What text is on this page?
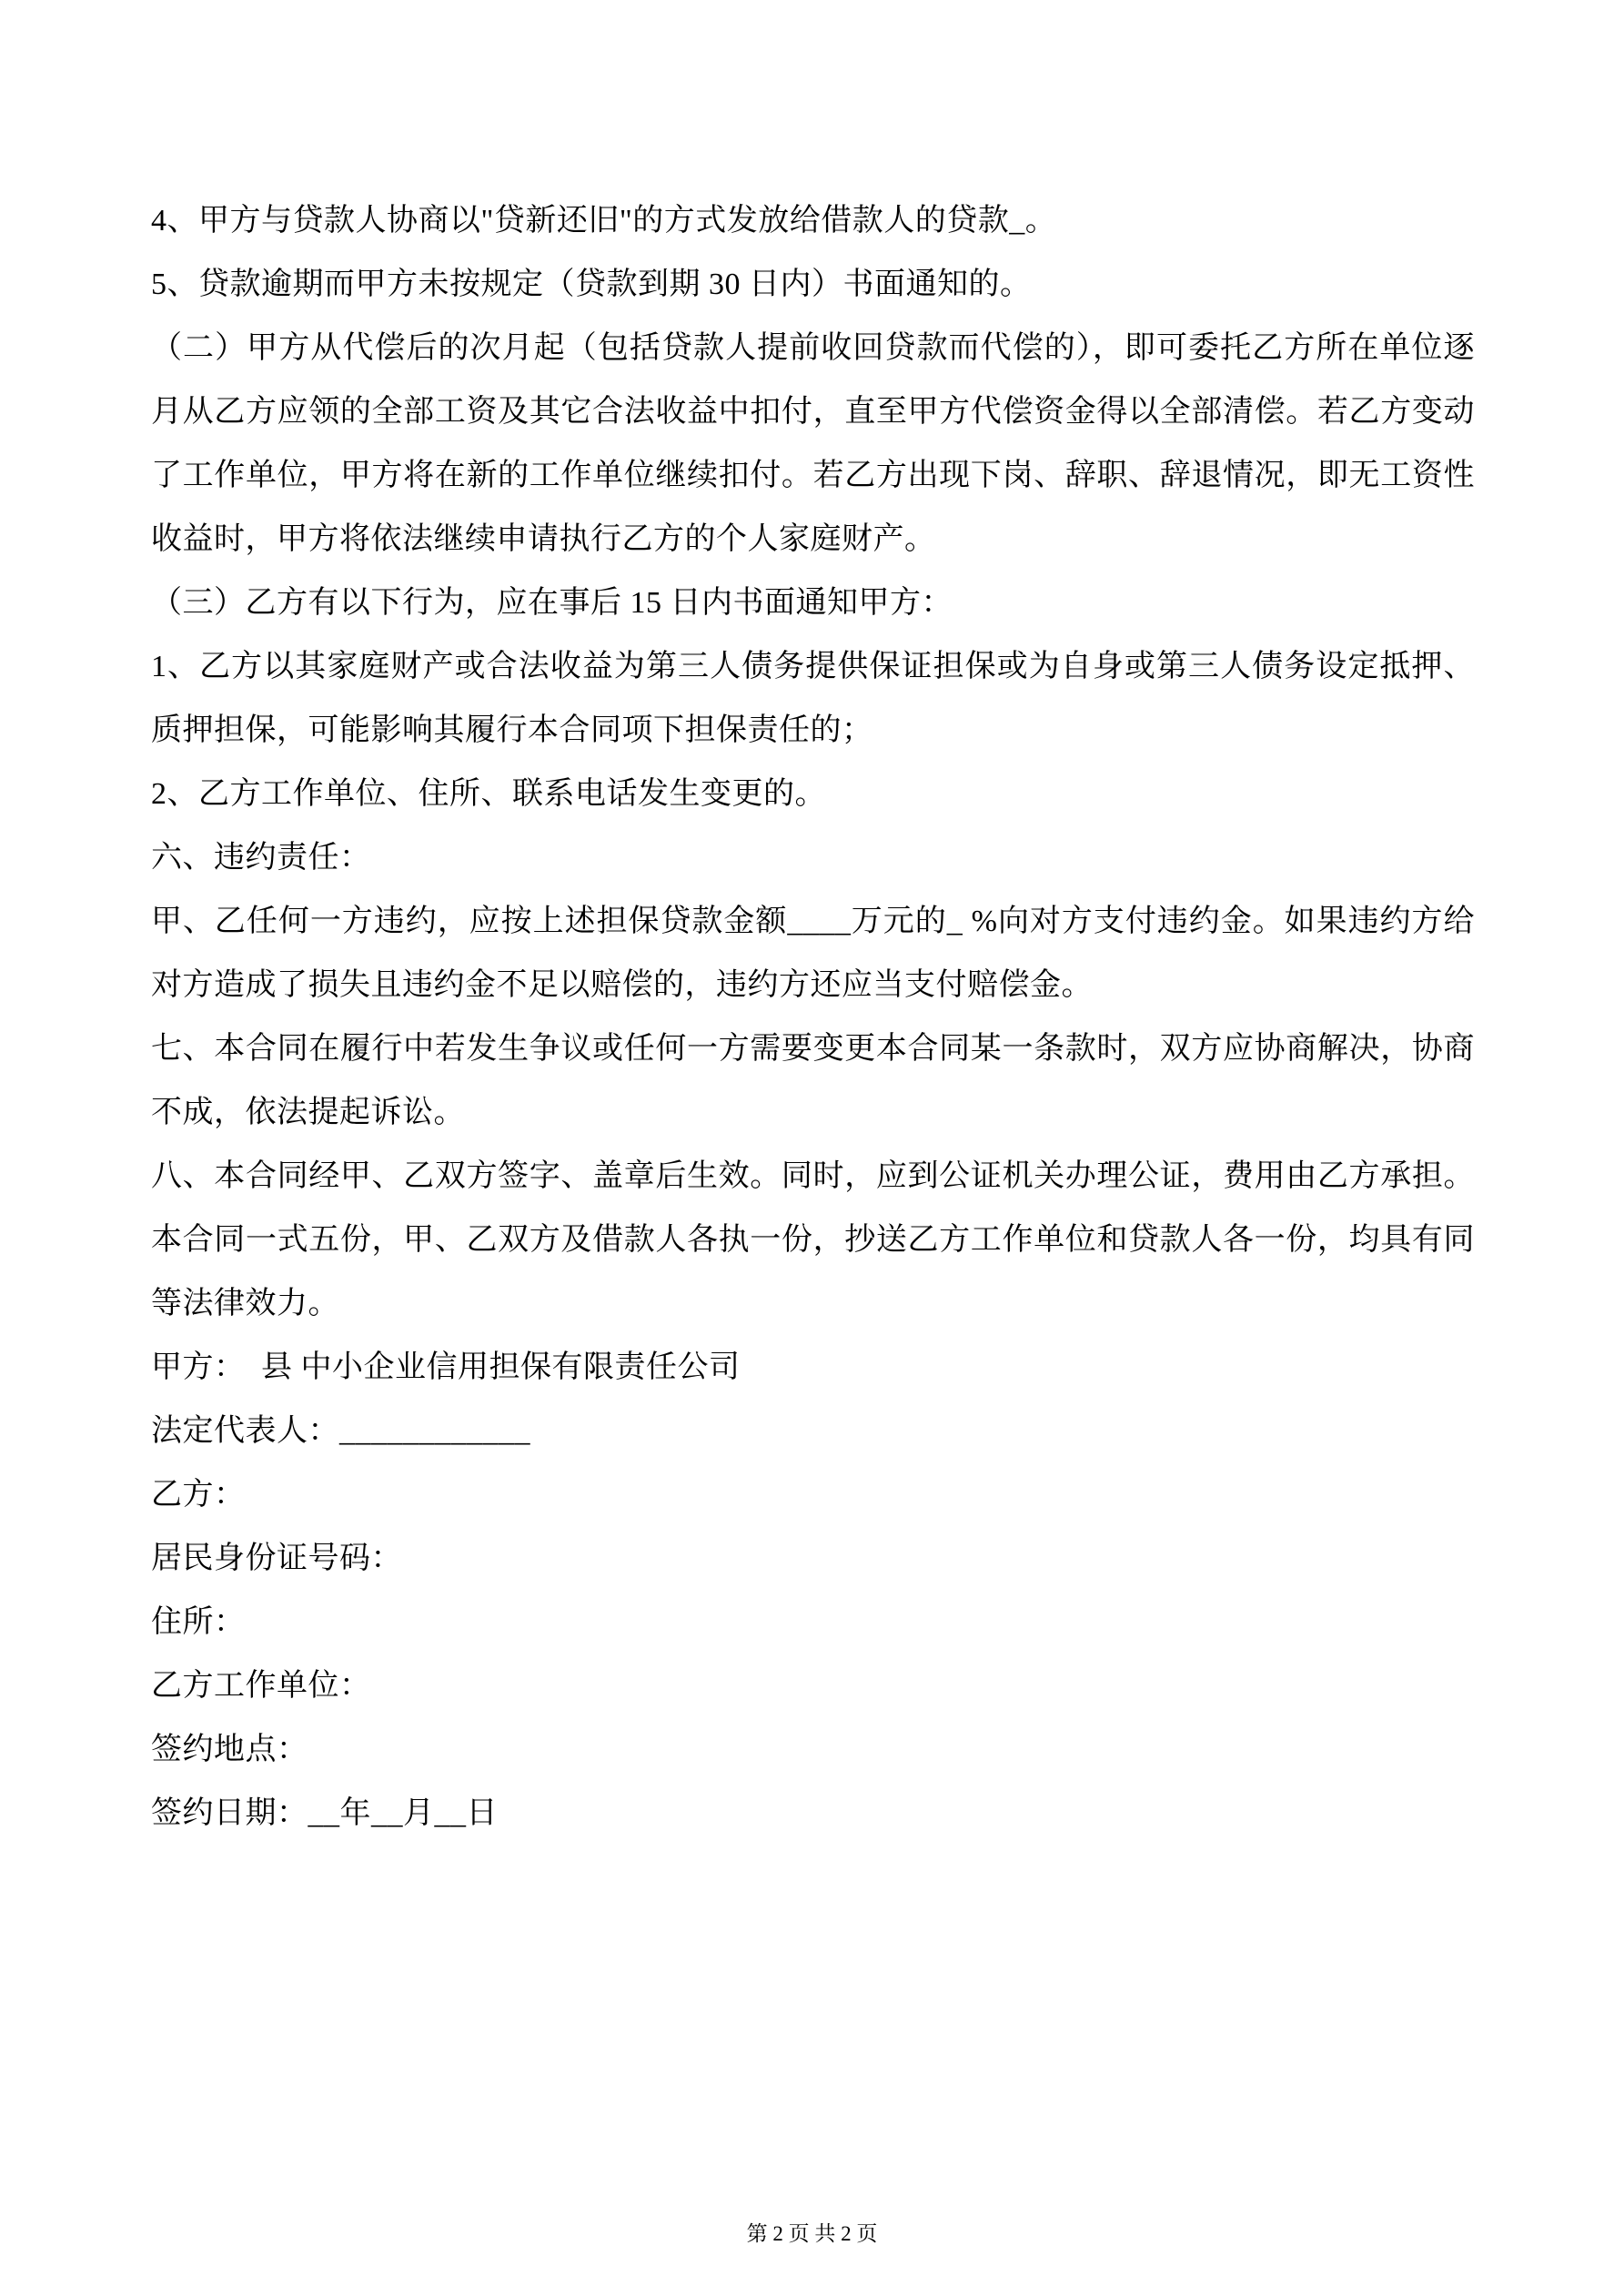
4、甲方与贷款人协商以"贷新还旧"的方式发放给借款人的贷款_。

5、贷款逾期而甲方未按规定（贷款到期 30 日内）书面通知的。

（二）甲方从代偿后的次月起（包括贷款人提前收回贷款而代偿的），即可委托乙方所在单位逐月从乙方应领的全部工资及其它合法收益中扣付，直至甲方代偿资金得以全部清偿。若乙方变动了工作单位，甲方将在新的工作单位继续扣付。若乙方出现下岗、辞职、辞退情况，即无工资性收益时，甲方将依法继续申请执行乙方的个人家庭财产。

（三）乙方有以下行为，应在事后 15 日内书面通知甲方：

1、乙方以其家庭财产或合法收益为第三人债务提供保证担保或为自身或第三人债务设定抵押、质押担保，可能影响其履行本合同项下担保责任的；

2、乙方工作单位、住所、联系电话发生变更的。

六、违约责任：

甲、乙任何一方违约，应按上述担保贷款金额____万元的_ %向对方支付违约金。如果违约方给对方造成了损失且违约金不足以赔偿的，违约方还应当支付赔偿金。

七、本合同在履行中若发生争议或任何一方需要变更本合同某一条款时，双方应协商解决，协商不成，依法提起诉讼。

八、本合同经甲、乙双方签字、盖章后生效。同时，应到公证机关办理公证，费用由乙方承担。本合同一式五份，甲、乙双方及借款人各执一份，抄送乙方工作单位和贷款人各一份，均具有同等法律效力。

甲方：　县 中小企业信用担保有限责任公司

法定代表人：____________

乙方：

居民身份证号码：

住所：

乙方工作单位：

签约地点：

签约日期：__年__月__日

第 2 页 共 2 页
